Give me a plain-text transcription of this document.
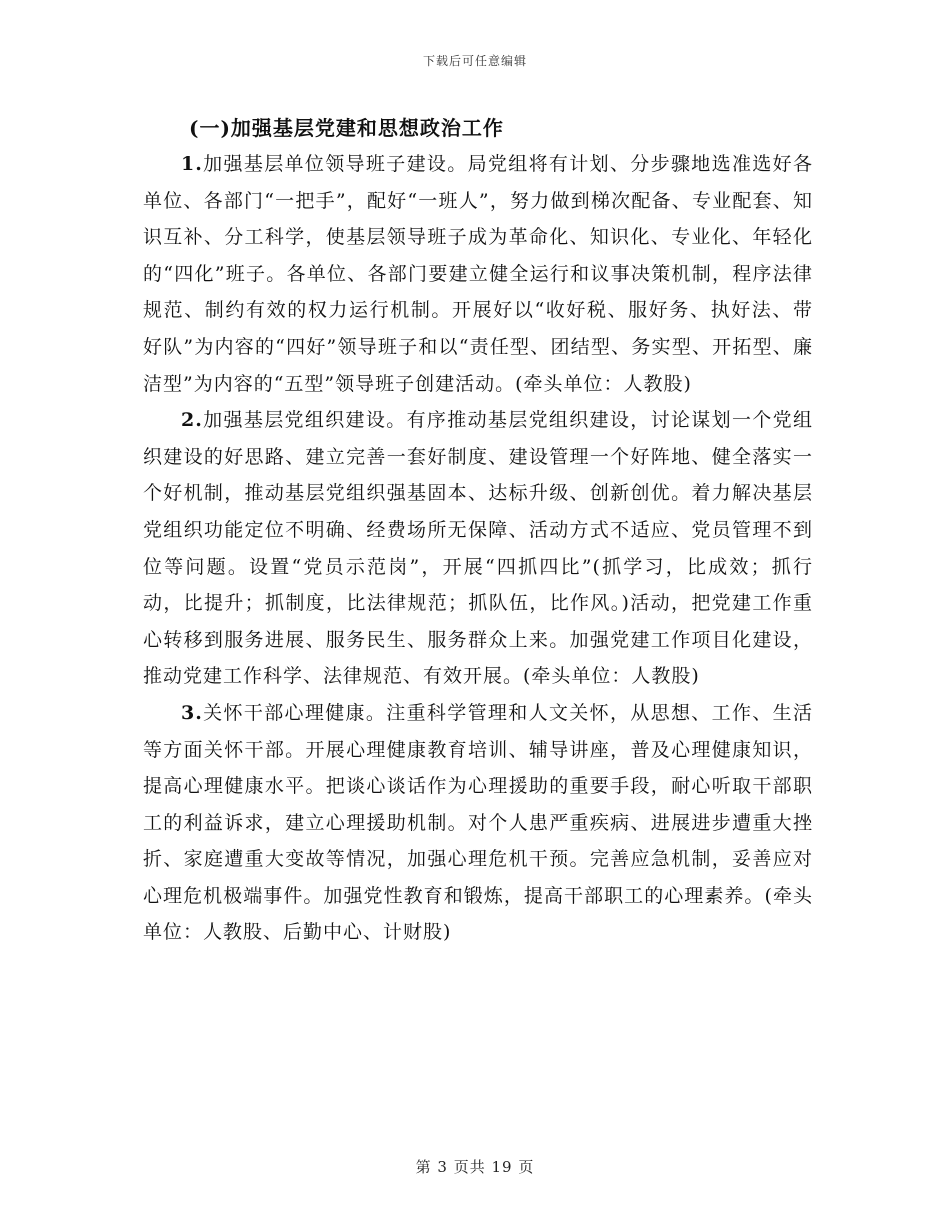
下载后可任意编辑
(一)加强基层党建和思想政治工作

1.加强基层单位领导班子建设。局党组将有计划、分步骤地选准选好各单位、各部门“一把手”，配好“一班人”，努力做到梯次配备、专业配套、知识互补、分工科学，使基层领导班子成为革命化、知识化、专业化、年轻化的“四化”班子。各单位、各部门要建立健全运行和议事决策机制，程序法律规范、制约有效的权力运行机制。开展好以“收好税、服好务、执好法、带好队”为内容的“四好”领导班子和以“责任型、团结型、务实型、开拓型、廉洁型”为内容的“五型”领导班子创建活动。(牵头单位：人教股)

2.加强基层党组织建设。有序推动基层党组织建设，讨论谋划一个党组织建设的好思路、建立完善一套好制度、建设管理一个好阵地、健全落实一个好机制，推动基层党组织强基固本、达标升级、创新创优。着力解决基层党组织功能定位不明确、经费场所无保障、活动方式不适应、党员管理不到位等问题。设置“党员示范岗”，开展“四抓四比”(抓学习，比成效；抓行动，比提升；抓制度，比法律规范；抓队伍，比作风。)活动，把党建工作重心转移到服务进展、服务民生、服务群众上来。加强党建工作项目化建设，推动党建工作科学、法律规范、有效开展。(牵头单位：人教股)

3.关怀干部心理健康。注重科学管理和人文关怀，从思想、工作、生活等方面关怀干部。开展心理健康教育培训、辅导讲座，普及心理健康知识，提高心理健康水平。把谈心谈话作为心理援助的重要手段，耐心听取干部职工的利益诉求，建立心理援助机制。对个人患严重疾病、进展进步遭重大挫折、家庭遭重大变故等情况，加强心理危机干预。完善应急机制，妥善应对心理危机极端事件。加强党性教育和锻炼，提高干部职工的心理素养。(牵头单位：人教股、后勤中心、计财股)

第 3 页共 19 页
